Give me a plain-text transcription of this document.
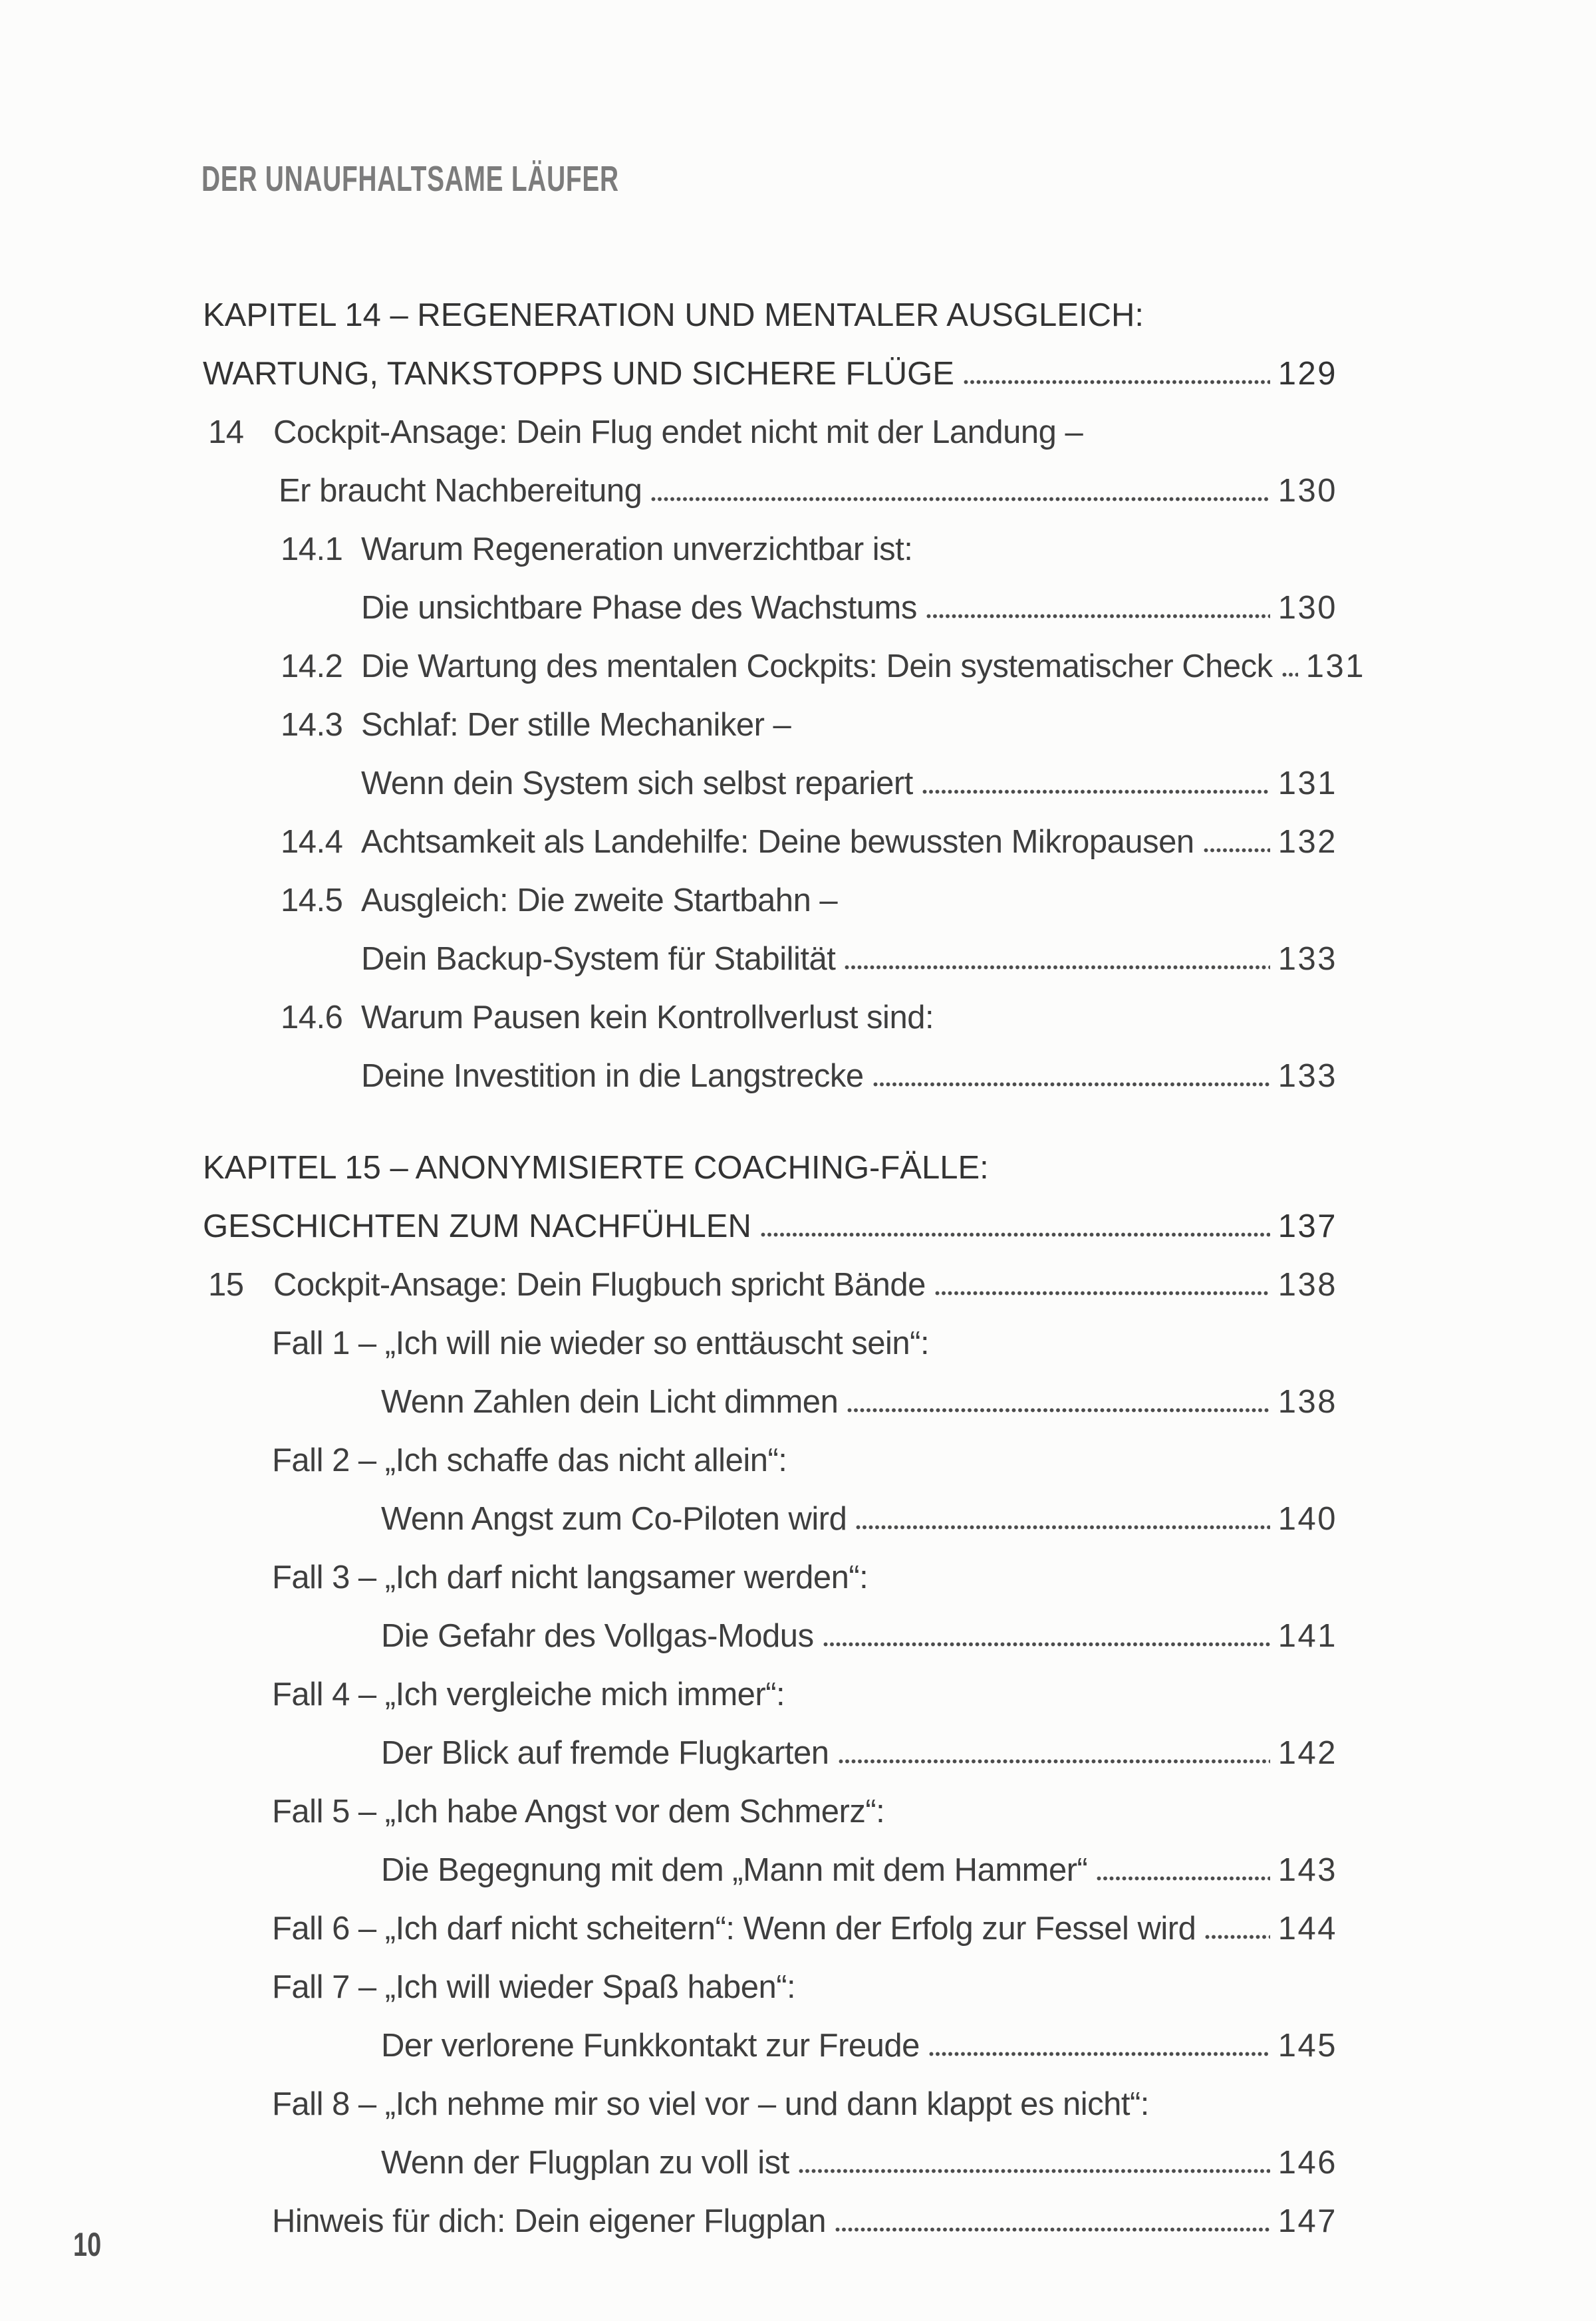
DER UNAUFHALTSAME LÄUFER
KAPITEL 14 – REGENERATION UND MENTALER AUSGLEICH:
WARTUNG, TANKSTOPPS UND SICHERE FLÜGE	129
14 Cockpit-Ansage: Dein Flug endet nicht mit der Landung –
Er braucht Nachbereitung	130
14.1 Warum Regeneration unverzichtbar ist:
Die unsichtbare Phase des Wachstums	130
14.2 Die Wartung des mentalen Cockpits: Dein systematischer Check 131
14.3 Schlaf: Der stille Mechaniker –
Wenn dein System sich selbst repariert	131
14.4 Achtsamkeit als Landehilfe: Deine bewussten Mikropausen	132
14.5 Ausgleich: Die zweite Startbahn –
Dein Backup-System für Stabilität	133
14.6 Warum Pausen kein Kontrollverlust sind:
Deine Investition in die Langstrecke	133
KAPITEL 15 – ANONYMISIERTE COACHING-FÄLLE:
GESCHICHTEN ZUM NACHFÜHLEN	137
15 Cockpit-Ansage: Dein Flugbuch spricht Bände	138
Fall 1 – „Ich will nie wieder so enttäuscht sein“:
Wenn Zahlen dein Licht dimmen	138
Fall 2 – „Ich schaffe das nicht allein“:
Wenn Angst zum Co-Piloten wird	140
Fall 3 – „Ich darf nicht langsamer werden“:
Die Gefahr des Vollgas-Modus	141
Fall 4 – „Ich vergleiche mich immer“:
Der Blick auf fremde Flugkarten	142
Fall 5 – „Ich habe Angst vor dem Schmerz“:
Die Begegnung mit dem „Mann mit dem Hammer“	143
Fall 6 – „Ich darf nicht scheitern“: Wenn der Erfolg zur Fessel wird	144
Fall 7 – „Ich will wieder Spaß haben“:
Der verlorene Funkkontakt zur Freude	145
Fall 8 – „Ich nehme mir so viel vor – und dann klappt es nicht“:
Wenn der Flugplan zu voll ist	146
Hinweis für dich: Dein eigener Flugplan	147
10
